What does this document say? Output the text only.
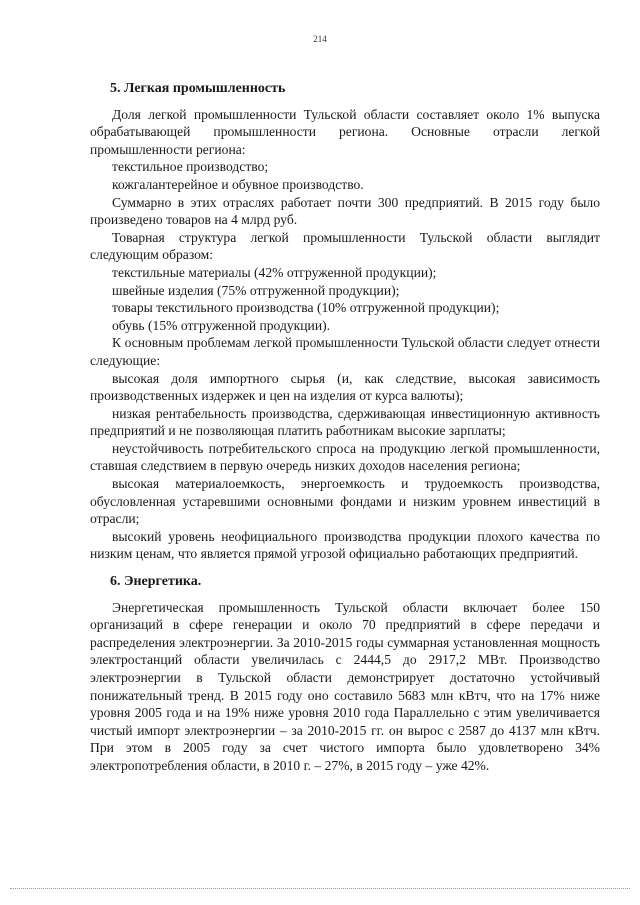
214
5. Легкая промышленность

Доля легкой промышленности Тульской области составляет около 1% выпуска обрабатывающей промышленности региона. Основные отрасли легкой промышленности региона:

текстильное производство;

кожгалантерейное и обувное производство.

Суммарно в этих отраслях работает почти 300 предприятий. В 2015 году было произведено товаров на 4 млрд руб.

Товарная структура легкой промышленности Тульской области выглядит следующим образом:

текстильные материалы (42% отгруженной продукции);

швейные изделия (75% отгруженной продукции);

товары текстильного производства (10% отгруженной продукции);

обувь (15% отгруженной продукции).

К основным проблемам легкой промышленности Тульской области следует отнести следующие:

высокая доля импортного сырья (и, как следствие, высокая зависимость производственных издержек и цен на изделия от курса валюты);

низкая рентабельность производства, сдерживающая инвестиционную активность предприятий и не позволяющая платить работникам высокие зарплаты;

неустойчивость потребительского спроса на продукцию легкой промышленности, ставшая следствием в первую очередь низких доходов населения региона;

высокая материалоемкость, энергоемкость и трудоемкость производства, обусловленная устаревшими основными фондами и низким уровнем инвестиций в отрасли;

высокий уровень неофициального производства продукции плохого качества по низким ценам, что является прямой угрозой официально работающих предприятий.

6. Энергетика.

Энергетическая промышленность Тульской области включает более 150 организаций в сфере генерации и около 70 предприятий в сфере передачи и распределения электроэнергии. За 2010-2015 годы суммарная установленная мощность электростанций области увеличилась с 2444,5 до 2917,2 МВт. Производство электроэнергии в Тульской области демонстрирует достаточно устойчивый понижательный тренд. В 2015 году оно составило 5683 млн кВтч, что на 17% ниже уровня 2005 года и на 19% ниже уровня 2010 года Параллельно с этим увеличивается чистый импорт электроэнергии – за 2010-2015 гг. он вырос с 2587 до 4137 млн кВтч. При этом в 2005 году за счет чистого импорта было удовлетворено 34% электропотребления области, в 2010 г. – 27%, в 2015 году – уже 42%.
